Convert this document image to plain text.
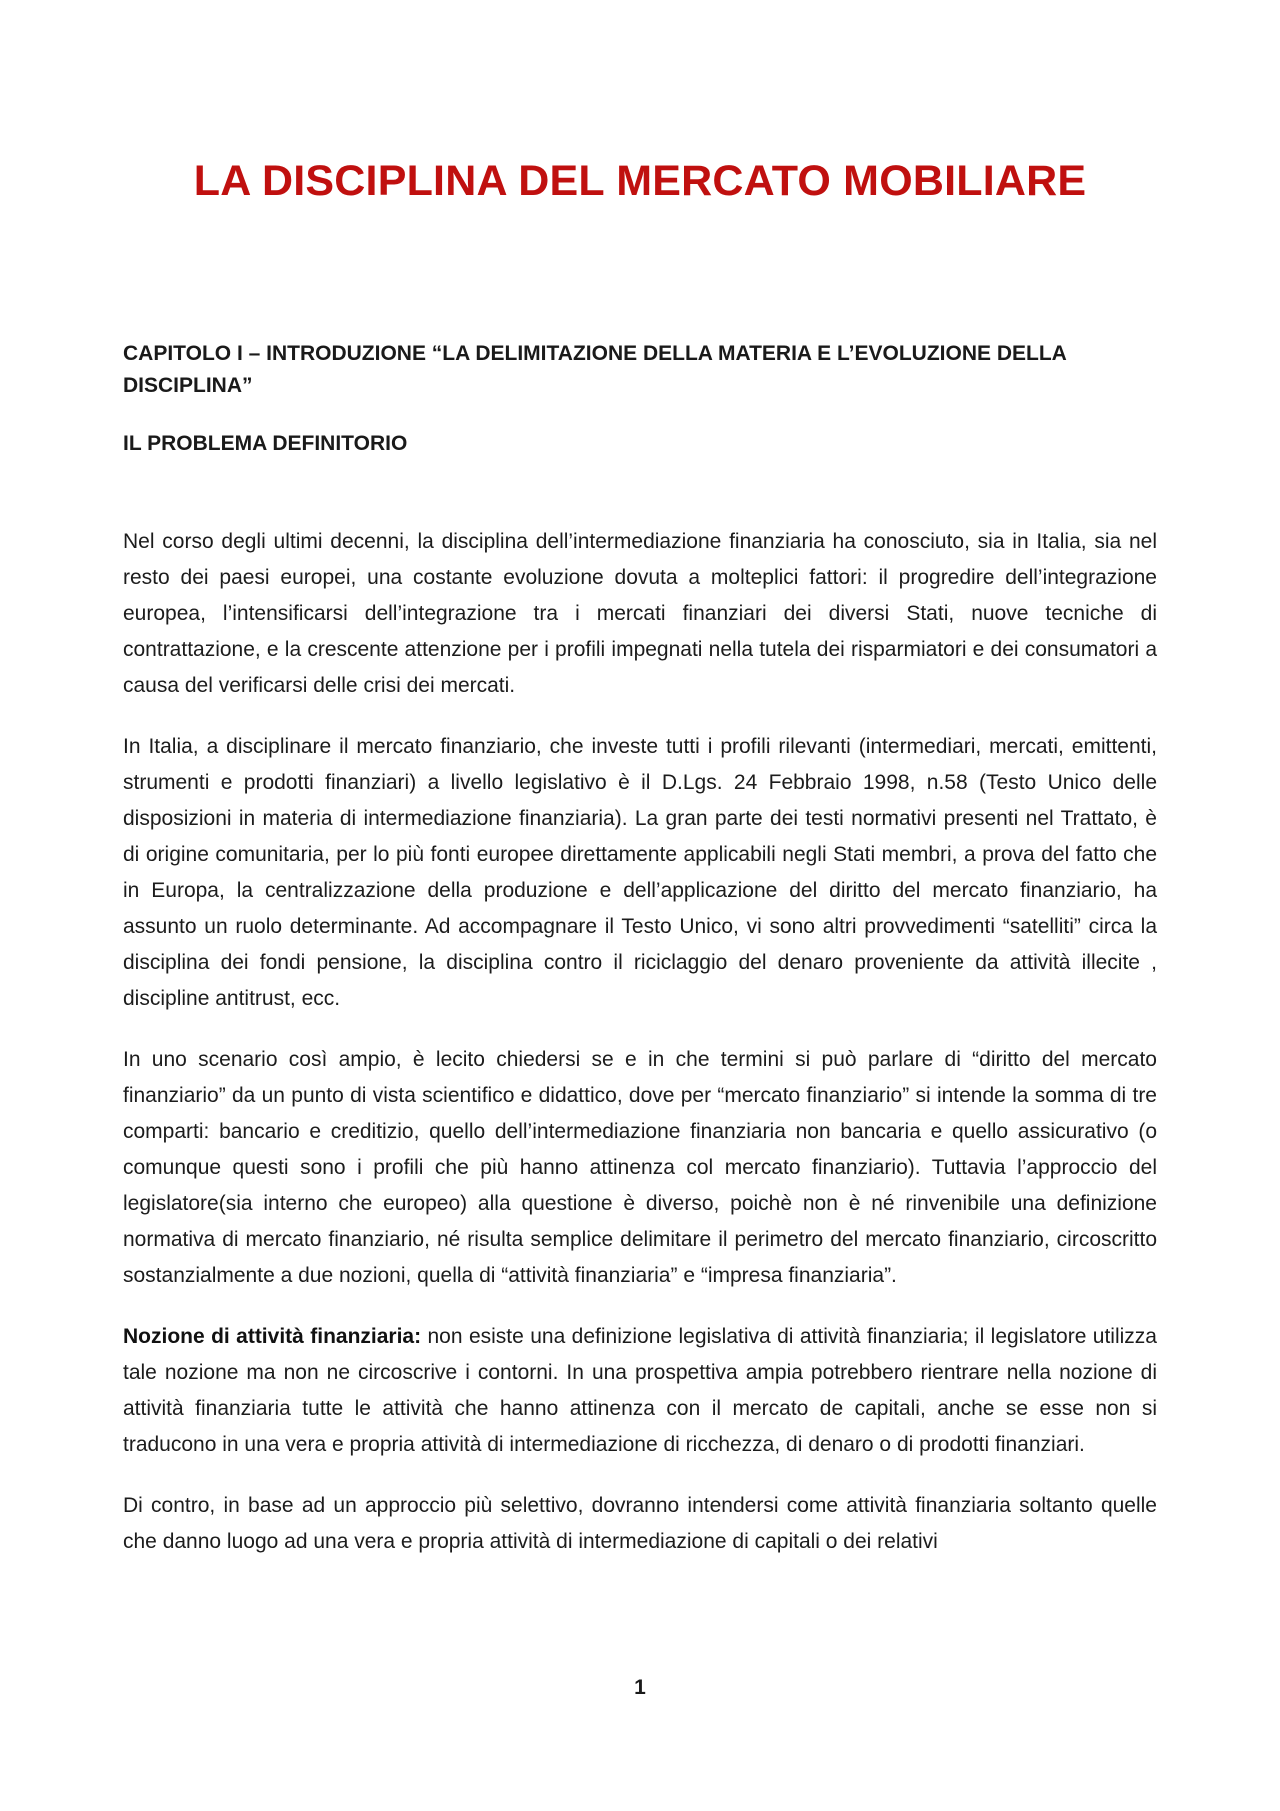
LA DISCIPLINA DEL MERCATO MOBILIARE
CAPITOLO I – INTRODUZIONE “LA DELIMITAZIONE DELLA MATERIA E L’EVOLUZIONE DELLA DISCIPLINA”
IL PROBLEMA DEFINITORIO

Nel corso degli ultimi decenni, la disciplina dell’intermediazione finanziaria ha conosciuto, sia in Italia, sia nel resto dei paesi europei, una costante evoluzione dovuta a molteplici fattori: il progredire dell’integrazione europea, l’intensificarsi dell’integrazione tra i mercati finanziari dei diversi Stati, nuove tecniche di contrattazione, e la crescente attenzione per i profili impegnati nella tutela dei risparmiatori e dei consumatori a causa del verificarsi delle crisi dei mercati.

In Italia, a disciplinare il mercato finanziario, che investe tutti i profili rilevanti (intermediari, mercati, emittenti, strumenti e prodotti finanziari) a livello legislativo è il D.Lgs. 24 Febbraio 1998, n.58 (Testo Unico delle disposizioni in materia di intermediazione finanziaria). La gran parte dei testi normativi presenti nel Trattato, è di origine comunitaria, per lo più fonti europee direttamente applicabili negli Stati membri, a prova del fatto che in Europa, la centralizzazione della produzione e dell’applicazione del diritto del mercato finanziario, ha assunto un ruolo determinante. Ad accompagnare il Testo Unico, vi sono altri provvedimenti “satelliti” circa la disciplina dei fondi pensione, la disciplina contro il riciclaggio del denaro proveniente da attività illecite , discipline antitrust, ecc.

In uno scenario così ampio, è lecito chiedersi se e in che termini si può parlare di “diritto del mercato finanziario” da un punto di vista scientifico e didattico, dove per “mercato finanziario” si intende la somma di tre comparti: bancario e creditizio, quello dell’intermediazione finanziaria non bancaria e quello assicurativo (o comunque questi sono i profili che più hanno attinenza col mercato finanziario). Tuttavia l’approccio del legislatore(sia interno che europeo) alla questione è diverso, poichè non è né rinvenibile una definizione normativa di mercato finanziario, né risulta semplice delimitare il perimetro del mercato finanziario, circoscritto sostanzialmente a due nozioni, quella di “attività finanziaria” e “impresa finanziaria”.

Nozione di attività finanziaria: non esiste una definizione legislativa di attività finanziaria; il legislatore utilizza tale nozione ma non ne circoscrive i contorni. In una prospettiva ampia potrebbero rientrare nella nozione di attività finanziaria tutte le attività che hanno attinenza con il mercato de capitali, anche se esse non si traducono in una vera e propria attività di intermediazione di ricchezza, di denaro o di prodotti finanziari.

Di contro, in base ad un approccio più selettivo, dovranno intendersi come attività finanziaria soltanto quelle che danno luogo ad una vera e propria attività di intermediazione di capitali o dei relativi

1
